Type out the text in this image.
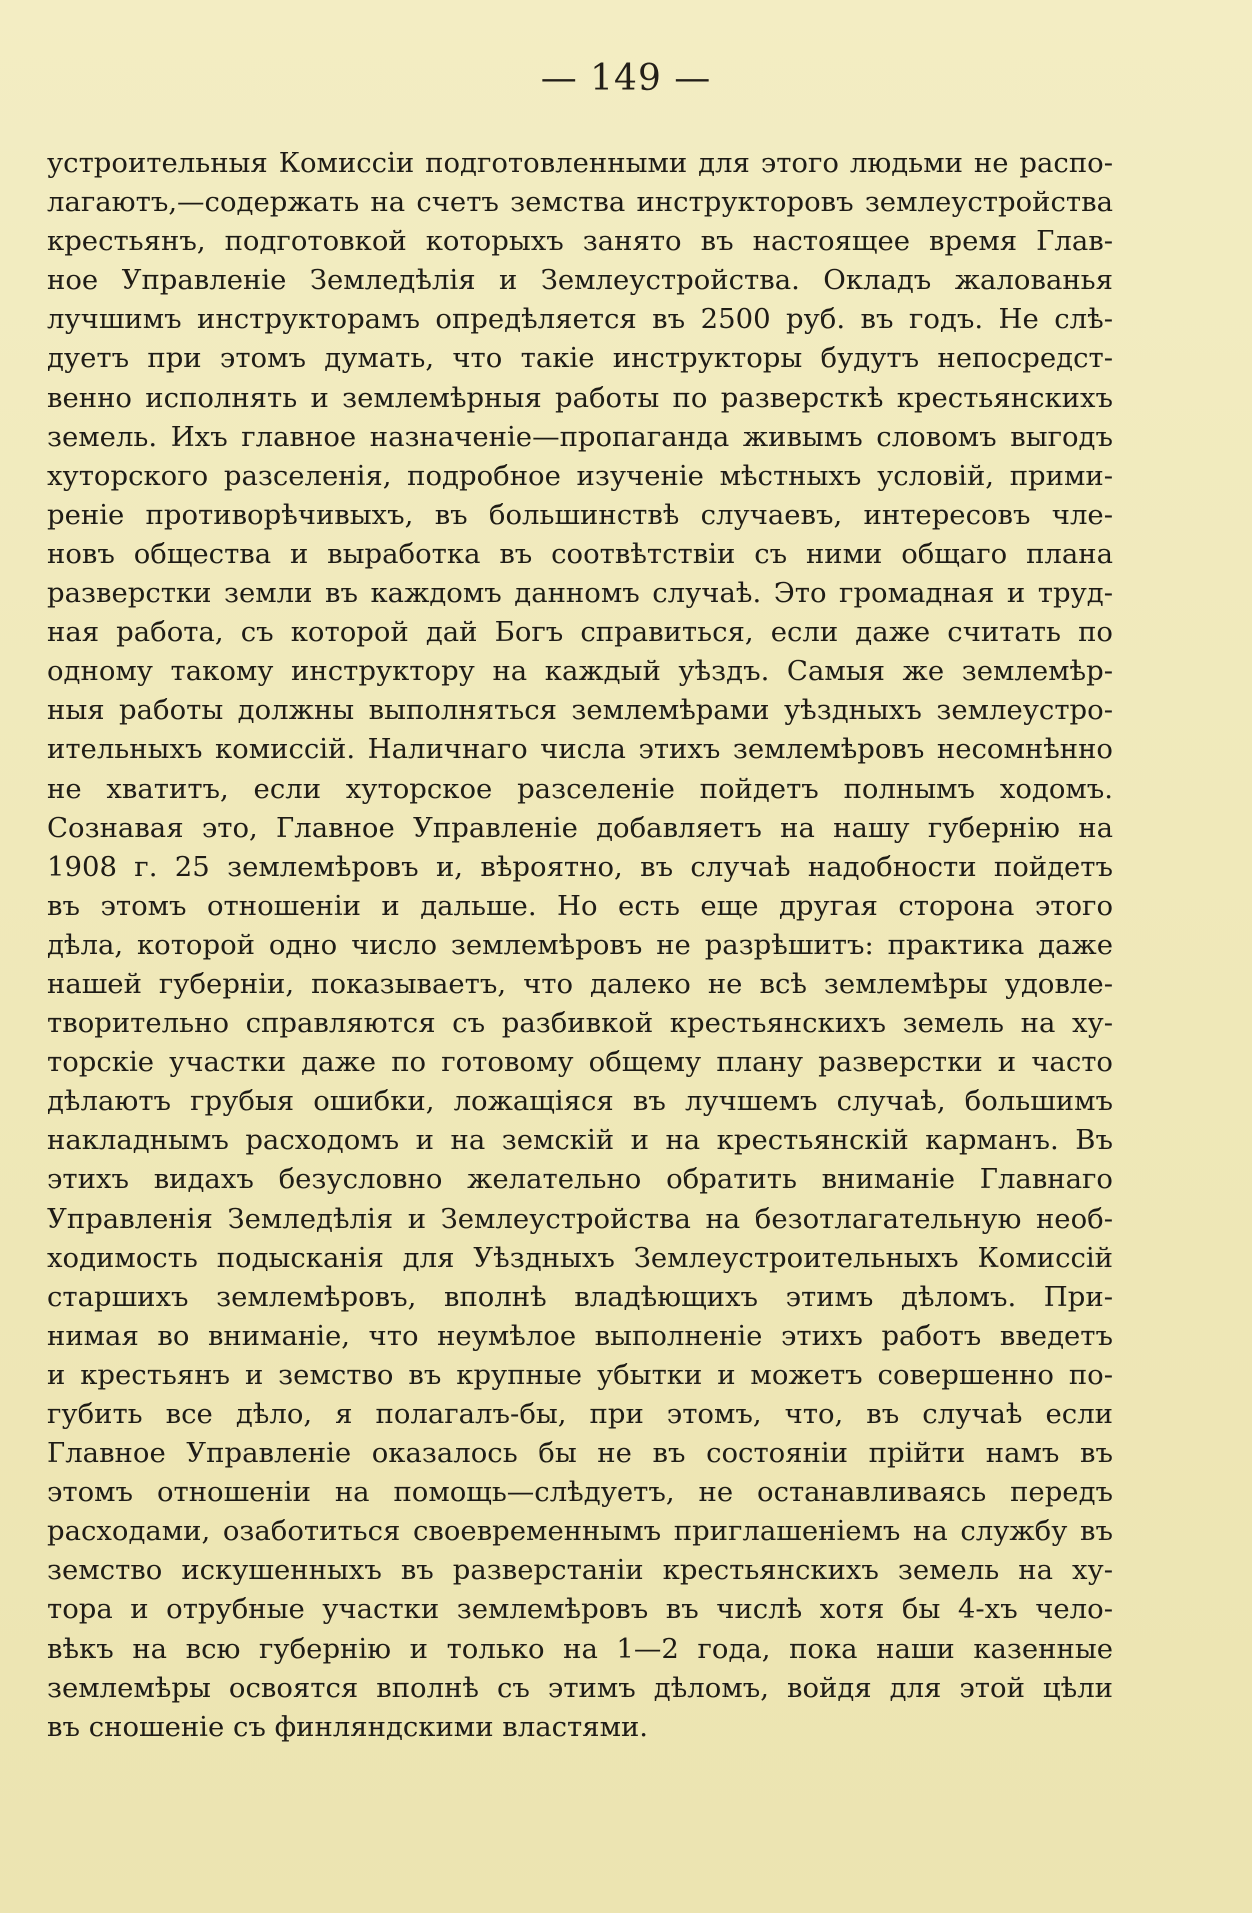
— 149 —
устроительныя Комиссіи подготовленными для этого людьми не распо-
лагаютъ,—содержать на счетъ земства инструкторовъ землеустройства
крестьянъ, подготовкой которыхъ занято въ настоящее время Глав-
ное Управленіе Земледѣлія и Землеустройства. Окладъ жалованья
лучшимъ инструкторамъ опредѣляется въ 2500 руб. въ годъ. Не слѣ-
дуетъ при этомъ думать, что такіе инструкторы будутъ непосредст-
венно исполнять и землемѣрныя работы по разверсткѣ крестьянскихъ
земель. Ихъ главное назначеніе—пропаганда живымъ словомъ выгодъ
хуторского разселенія, подробное изученіе мѣстныхъ условій, прими-
реніе противорѣчивыхъ, въ большинствѣ случаевъ, интересовъ чле-
новъ общества и выработка въ соотвѣтствіи съ ними общаго плана
разверстки земли въ каждомъ данномъ случаѣ. Это громадная и труд-
ная работа, съ которой дай Богъ справиться, если даже считать по
одному такому инструктору на каждый уѣздъ. Самыя же землемѣр-
ныя работы должны выполняться землемѣрами уѣздныхъ землеустро-
ительныхъ комиссій. Наличнаго числа этихъ землемѣровъ несомнѣнно
не хватитъ, если хуторское разселеніе пойдетъ полнымъ ходомъ.
Сознавая это, Главное Управленіе добавляетъ на нашу губернію на
1908 г. 25 землемѣровъ и, вѣроятно, въ случаѣ надобности пойдетъ
въ этомъ отношеніи и дальше. Но есть еще другая сторона этого
дѣла, которой одно число землемѣровъ не разрѣшитъ: практика даже
нашей губерніи, показываетъ, что далеко не всѣ землемѣры удовле-
творительно справляются съ разбивкой крестьянскихъ земель на ху-
торскіе участки даже по готовому общему плану разверстки и часто
дѣлаютъ грубыя ошибки, ложащіяся въ лучшемъ случаѣ, большимъ
накладнымъ расходомъ и на земскій и на крестьянскій карманъ. Въ
этихъ видахъ безусловно желательно обратить вниманіе Главнаго
Управленія Земледѣлія и Землеустройства на безотлагательную необ-
ходимость подысканія для Уѣздныхъ Землеустроительныхъ Комиссій
старшихъ землемѣровъ, вполнѣ владѣющихъ этимъ дѣломъ. При-
нимая во вниманіе, что неумѣлое выполненіе этихъ работъ введетъ
и крестьянъ и земство въ крупные убытки и можетъ совершенно по-
губить все дѣло, я полагалъ-бы, при этомъ, что, въ случаѣ если
Главное Управленіе оказалось бы не въ состояніи прійти намъ въ
этомъ отношеніи на помощь—слѣдуетъ, не останавливаясь передъ
расходами, озаботиться своевременнымъ приглашеніемъ на службу въ
земство искушенныхъ въ разверстаніи крестьянскихъ земель на ху-
тора и отрубные участки землемѣровъ въ числѣ хотя бы 4-хъ чело-
вѣкъ на всю губернію и только на 1—2 года, пока наши казенные
землемѣры освоятся вполнѣ съ этимъ дѣломъ, войдя для этой цѣли
въ сношеніе съ финляндскими властями.
